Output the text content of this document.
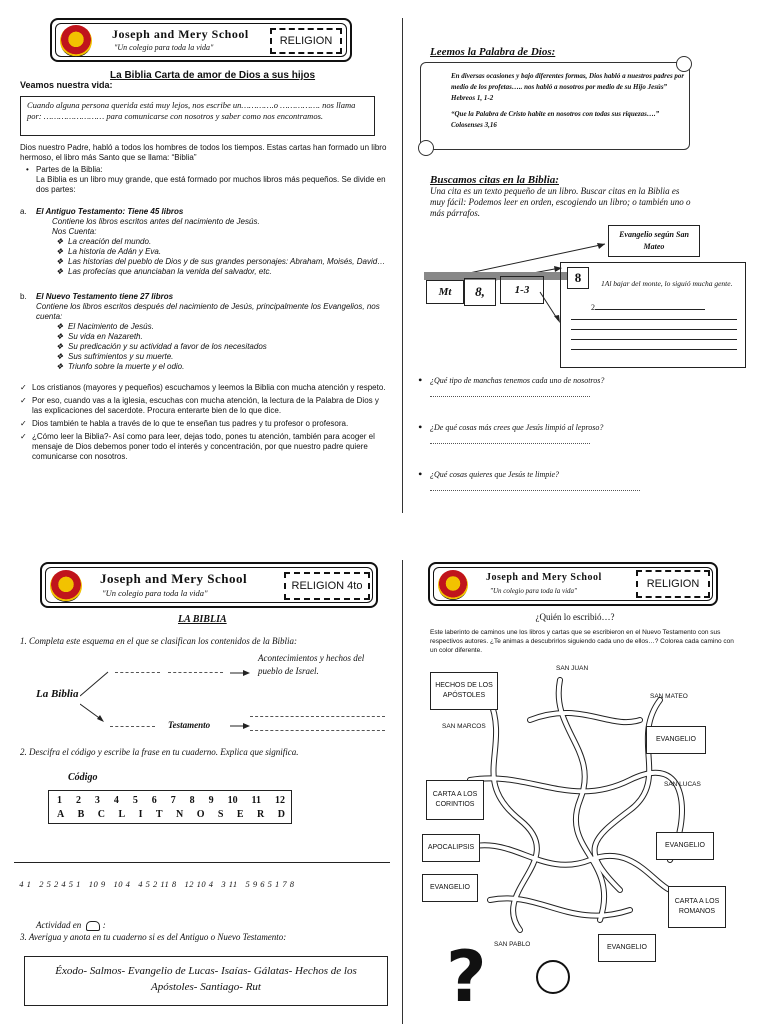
Joseph and Mery School
"Un colegio para toda la vida"
RELIGION
La Biblia Carta de amor de Dios a sus hijos
Veamos nuestra vida:
Cuando alguna persona querida está muy lejos, nos escribe un………….o ……………. nos llama por: …………………… para comunicarse con nosotros y saber como nos encontramos.
Dios nuestro Padre, habló a todos los hombres de todos los tiempos. Estas cartas han formado un libro hermoso, el libro más Santo que se llama: “Biblia”
• Partes de la Biblia:
La Biblia es un libro muy grande, que está formado por muchos libros más pequeños. Se divide en dos partes:
a. El Antiguo Testamento: Tiene 45 libros
Contiene los libros escritos antes del nacimiento de Jesús.
Nos Cuenta:
❖ La creación del mundo.
❖ La historia de Adán y Eva.
❖ Las historias del pueblo de Dios y de sus grandes personajes: Abraham, Moisés, David…
❖ Las profecías que anunciaban la venida del salvador, etc.
b. El Nuevo Testamento tiene 27 libros
Contiene los libros escritos después del nacimiento de Jesús, principalmente los Evangelios, nos cuenta:
❖ El Nacimiento de Jesús.
❖ Su vida en Nazareth.
❖ Su predicación y su actividad a favor de los necesitados
❖ Sus sufrimientos y su muerte.
❖ Triunfo sobre la muerte y el odio.
✓ Los cristianos (mayores y pequeños) escuchamos y leemos la Biblia con mucha atención y respeto.
✓ Por eso, cuando vas a la iglesia, escuchas con mucha atención, la lectura de la Palabra de Dios y las explicaciones del sacerdote. Procura enterarte bien de lo que dice.
✓ Dios también te habla a través de lo que te enseñan tus padres y tu profesor o profesora.
✓ ¿Cómo leer la Biblia?- Así como para leer, dejas todo, pones tu atención, también para acoger el mensaje de Dios debemos poner todo el interés y concentración, por que nuestro padre quiere comunicarse con nosotros.
Leemos la Palabra de Dios:
En diversas ocasiones y bajo diferentes formas, Dios habló a nuestros padres por medio de los profetas….. nos habló a nosotros por medio de su Hijo Jesús” Hebreos 1, 1-2
“Que la Palabra de Cristo habite en nosotros con todas sus riquezas….” Colosenses 3,16
Buscamos citas en la Biblia:
Una cita es un texto pequeño de un libro. Buscar citas en la Biblia es muy fácil: Podemos leer en orden, escogiendo un libro; o también uno o más párrafos.
Evangelio según San Mateo
Mt	8,	1-3
8	1Al bajar del monte, lo siguió mucha gente.
2
• ¿Qué tipo de manchas tenemos cada uno de nosotros?
• ¿De qué cosas más crees que Jesús limpió al leproso?
• ¿Qué cosas quieres que Jesús te limpie?
Joseph and Mery School
"Un colegio para toda la vida"
RELIGION 4to
LA BIBLIA
1. Completa este esquema en el que se clasifican los contenidos de la Biblia:
La Biblia
Acontecimientos y hechos del pueblo de Israel.
Testamento
2. Descifra el código y escribe la frase en tu cuaderno. Explica que significa.
Código
1 2 3 4 5 6 7 8 9 10 11 12
A B C L I T N O S E R D

4 1   2 5 2 4 5 1   10 9   10 4   4 5 2 11 8   12 10 4   3 11   5 9 6 5 1 7 8

Actividad en  :
3. Averigua y anota en tu cuaderno si es del Antiguo o Nuevo Testamento:
Éxodo- Salmos- Evangelio de Lucas- Isaías- Gálatas- Hechos de los Apóstoles- Santiago- Rut
Joseph and Mery School
"Un colegio para toda la vida"
RELIGION
¿Quién lo escribió…?
Este laberinto de caminos une los libros y cartas que se escribieron en el Nuevo Testamento con sus respectivos autores. ¿Te animas a descubrirlos siguiendo cada uno de ellos…? Colorea cada camino con un color diferente.
HECHOS DE LOS APÓSTOLES
EVANGELIO
CARTA A LOS CORINTIOS
APOCALIPSIS	EVANGELIO
EVANGELIO
CARTA A LOS ROMANOS
EVANGELIO
SAN JUAN
SAN MATEO
SAN MARCOS
SAN LUCAS
SAN PABLO
?
